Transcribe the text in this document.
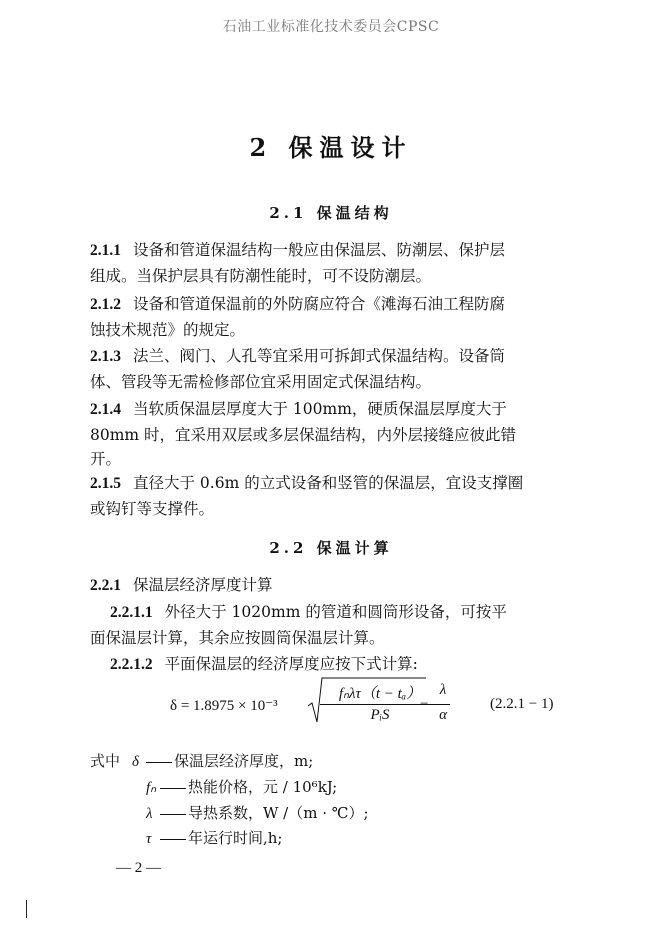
石油工业标准化技术委员会CPSC
2 保温设计
2.1 保温结构
2.1.1 设备和管道保温结构一般应由保温层、防潮层、保护层
组成。当保护层具有防潮性能时，可不设防潮层。
2.1.2 设备和管道保温前的外防腐应符合《滩海石油工程防腐
蚀技术规范》的规定。
2.1.3 法兰、阀门、人孔等宜采用可拆卸式保温结构。设备筒
体、管段等无需检修部位宜采用固定式保温结构。
2.1.4 当软质保温层厚度大于 100mm，硬质保温层厚度大于
80mm 时，宜采用双层或多层保温结构，内外层接缝应彼此错
开。
2.1.5 直径大于 0.6m 的立式设备和竖管的保温层，宜设支撑圈
或钩钉等支撑件。
2.2 保温计算
2.2.1 保温层经济厚度计算
2.2.1.1 外径大于 1020mm 的管道和圆筒形设备，可按平
面保温层计算，其余应按圆筒保温层计算。
2.2.1.2 平面保温层的经济厚度应按下式计算:
δ = 1.8975 × 10⁻³
fₙλτ（t − tₐ）
PᵢS
−
λ
α
(2.2.1 − 1)
式中 δ 保温层经济厚度，m;
fₙ 热能价格，元 / 10⁶kJ;
λ 导热系数，W /（m · ℃）;
τ 年运行时间,h;
— 2 —
